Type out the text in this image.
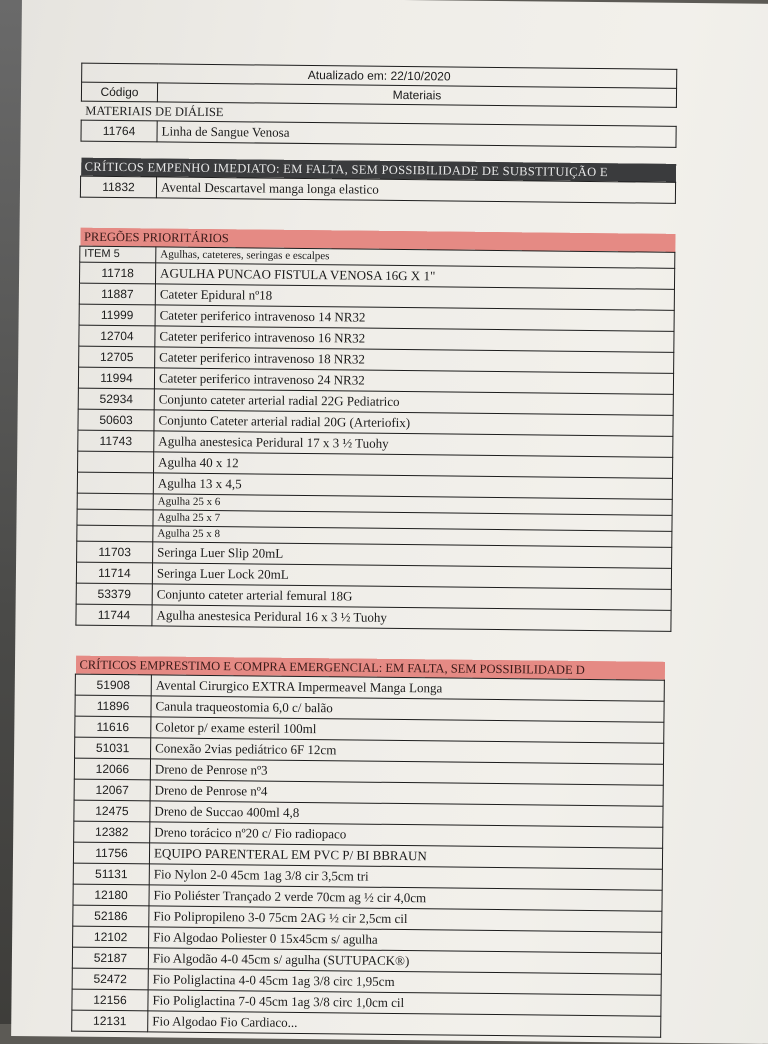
Atualizado em: 22/10/2020
Código	Materiais
MATERIAIS DE DIÁLISE
11764	Linha de Sangue Venosa
CRÍTICOS EMPENHO IMEDIATO: EM FALTA, SEM POSSIBILIDADE DE SUBSTITUIÇÃO E
11832	Avental Descartavel manga longa elastico
PREGÕES PRIORITÁRIOS	
ITEM 5	Agulhas, cateteres, seringas e escalpes
11718	AGULHA PUNCAO FISTULA VENOSA 16G X 1"
11887	Cateter Epidural nº18
11999	Cateter periferico intravenoso 14 NR32
12704	Cateter periferico intravenoso 16 NR32
12705	Cateter periferico intravenoso 18 NR32
11994	Cateter periferico intravenoso 24 NR32
52934	Conjunto cateter arterial radial 22G Pediatrico
50603	Conjunto Cateter arterial radial 20G (Arteriofix)
11743	Agulha anestesica Peridural 17 x 3 ½ Tuohy
	Agulha 40 x 12
	Agulha 13 x 4,5
	Agulha 25 x 6
	Agulha 25 x 7
	Agulha 25 x 8
11703	Seringa Luer Slip 20mL
11714	Seringa Luer Lock 20mL
53379	Conjunto cateter arterial femural 18G
11744	Agulha anestesica Peridural 16 x 3 ½ Tuohy
CRÍTICOS EMPRESTIMO E COMPRA EMERGENCIAL: EM FALTA, SEM POSSIBILIDADE D	
51908	Avental Cirurgico EXTRA Impermeavel Manga Longa
11896	Canula traqueostomia 6,0 c/ balão
11616	Coletor p/ exame esteril 100ml
51031	Conexão 2vias pediátrico 6F 12cm
12066	Dreno de Penrose nº3
12067	Dreno de Penrose nº4
12475	Dreno de Succao 400ml 4,8
12382	Dreno torácico nº20 c/ Fio radiopaco
11756	EQUIPO PARENTERAL EM PVC P/ BI BBRAUN
51131	Fio Nylon 2-0 45cm 1ag 3/8 cir 3,5cm tri
12180	Fio Poliéster Trançado 2 verde 70cm ag ½ cir 4,0cm
52186	Fio Polipropileno 3-0 75cm 2AG ½ cir 2,5cm cil
12102	Fio Algodao Poliester 0 15x45cm s/ agulha
52187	Fio Algodão 4-0 45cm s/ agulha (SUTUPACK®)
52472	Fio Poliglactina 4-0 45cm 1ag 3/8 circ 1,95cm
12156	Fio Poliglactina 7-0 45cm 1ag 3/8 circ 1,0cm cil
12131	Fio Algodao Fio Cardiaco...
